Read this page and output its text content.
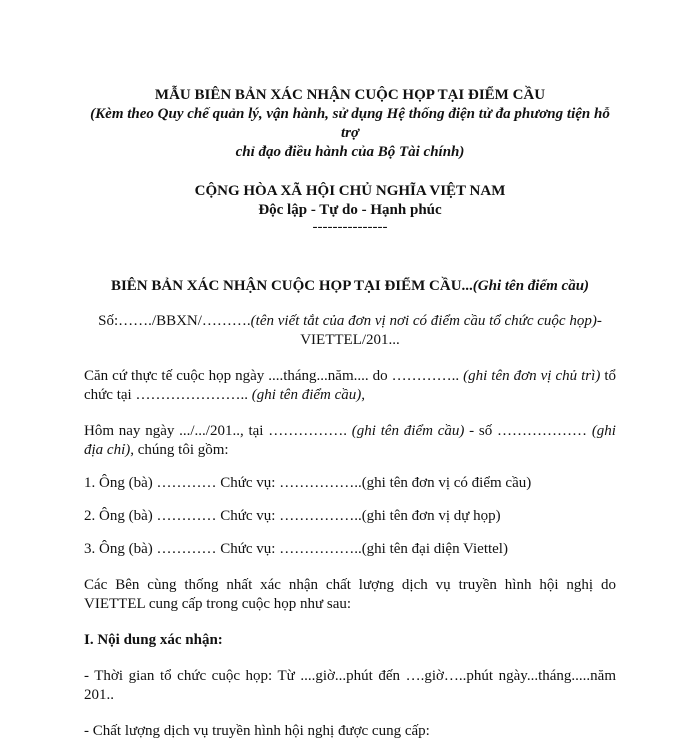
MẪU BIÊN BẢN XÁC NHẬN CUỘC HỌP TẠI ĐIỂM CẦU

(Kèm theo Quy chế quản lý, vận hành, sử dụng Hệ thống điện tử đa phương tiện hỗ trợ

chỉ đạo điều hành của Bộ Tài chính)

CỘNG HÒA XÃ HỘI CHỦ NGHĨA VIỆT NAM

Độc lập - Tự do - Hạnh phúc

---------------

BIÊN BẢN XÁC NHẬN CUỘC HỌP TẠI ĐIỂM CẦU...(Ghi tên điểm cầu)

Số:……./BBXN/……….(tên viết tắt của đơn vị nơi có điểm cầu tổ chức cuộc họp)-
VIETTEL/201...

Căn cứ thực tế cuộc họp ngày ....tháng...năm.... do ………….. (ghi tên đơn vị chủ trì) tổ chức tại ………………….. (ghi tên điểm cầu),

Hôm nay ngày .../.../201.., tại ……………. (ghi tên điểm cầu) - số ……………… (ghi địa chỉ), chúng tôi gồm:

1. Ông (bà) ………… Chức vụ: ……………..(ghi tên đơn vị có điểm cầu)

2. Ông (bà) ………… Chức vụ: ……………..(ghi tên đơn vị dự họp)

3. Ông (bà) ………… Chức vụ: ……………..(ghi tên đại diện Viettel)

Các Bên cùng thống nhất xác nhận chất lượng dịch vụ truyền hình hội nghị do VIETTEL cung cấp trong cuộc họp như sau:

I. Nội dung xác nhận:

- Thời gian tổ chức cuộc họp: Từ ....giờ...phút đến ….giờ…..phút ngày...tháng.....năm 201..

- Chất lượng dịch vụ truyền hình hội nghị được cung cấp:
